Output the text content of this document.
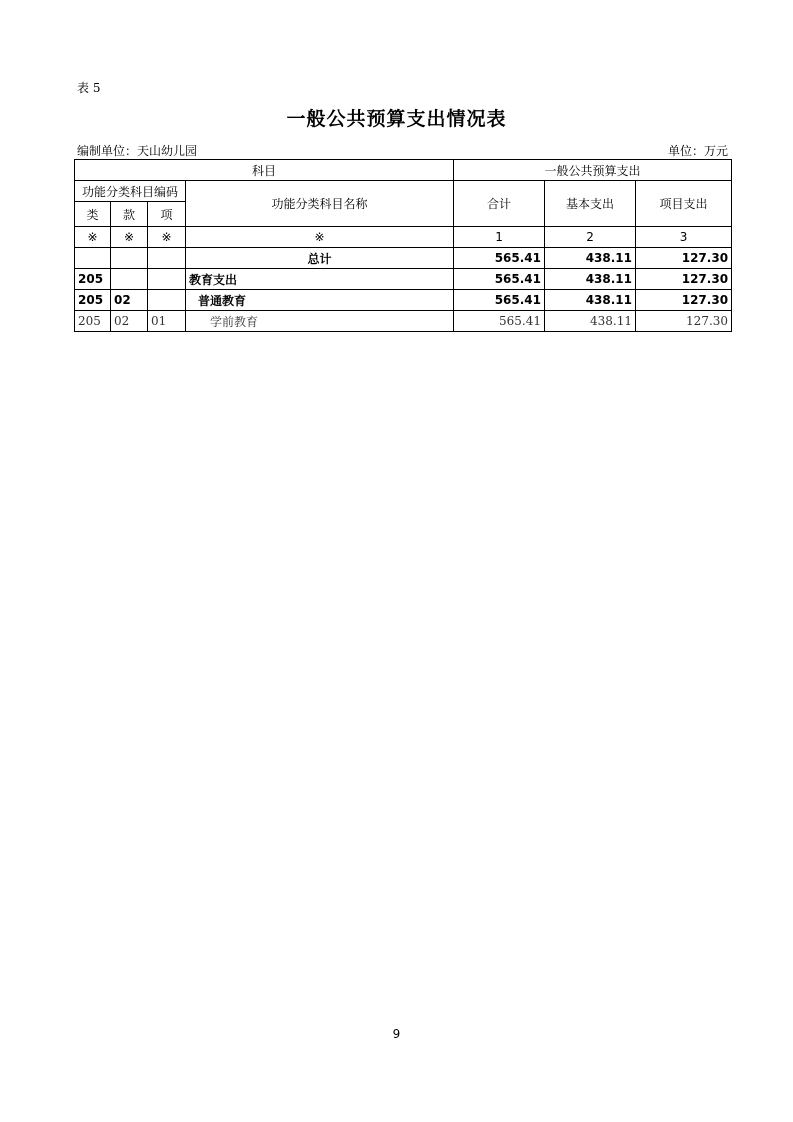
表 5
一般公共预算支出情况表
编制单位：天山幼儿园	单位：万元
科目				一般公共预算支出		
功能分类科目编码			功能分类科目名称	合计	基本支出	项目支出
类	款	项				
※	※	※	※	1	2	3
			总计	565.41	438.11	127.30
205			教育支出	565.41	438.11	127.30
205	02		普通教育	565.41	438.11	127.30
205	02	01	学前教育	565.41	438.11	127.30
9
